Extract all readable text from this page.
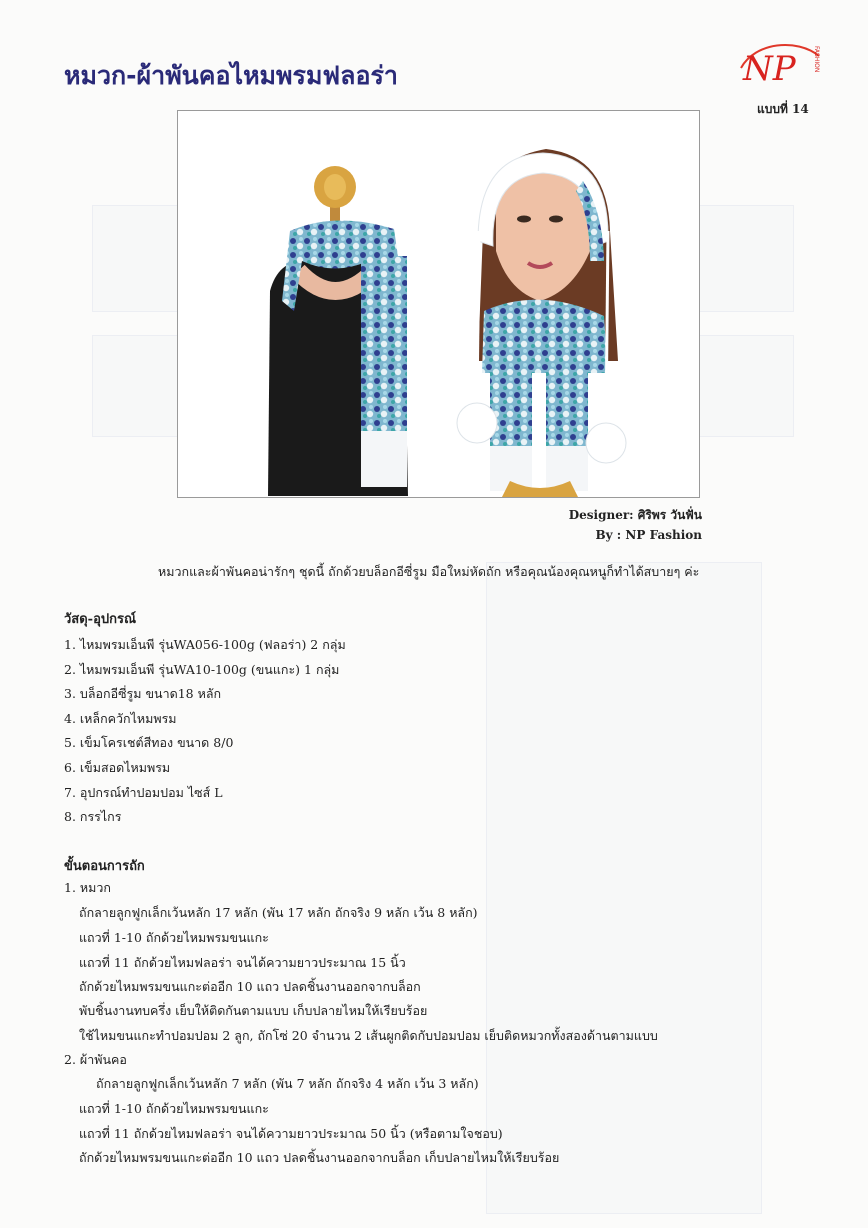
หมวก-ผ้าพันคอไหมพรมฟลอร่า	NP	FASHION
แบบที่ 14
Designer: ศิริพร วันฟั่น
By : NP Fashion
หมวกและผ้าพันคอน่ารักๆ ชุดนี้ ถักด้วยบล็อกอีซี่รูม มือใหม่หัดถัก หรือคุณน้องคุณหนูก็ทำได้สบายๆ ค่ะ
วัสดุ-อุปกรณ์
1. ไหมพรมเอ็นพี รุ่นWA056-100g (ฟลอร่า) 2 กลุ่ม
2. ไหมพรมเอ็นพี รุ่นWA10-100g (ขนแกะ) 1 กลุ่ม
3. บล็อกอีซี่รูม ขนาด18 หลัก
4. เหล็กควักไหมพรม
5. เข็มโครเชต์สีทอง ขนาด 8/0
6. เข็มสอดไหมพรม
7. อุปกรณ์ทำปอมปอม ไซส์ L
8. กรรไกร
ขั้นตอนการถัก
1. หมวก
ถักลายลูกฟูกเล็กเว้นหลัก 17 หลัก (พัน 17 หลัก ถักจริง 9 หลัก เว้น 8 หลัก)
แถวที่ 1-10 ถักด้วยไหมพรมขนแกะ
แถวที่ 11 ถักด้วยไหมฟลอร่า จนได้ความยาวประมาณ 15 นิ้ว
ถักด้วยไหมพรมขนแกะต่ออีก 10 แถว ปลดชิ้นงานออกจากบล็อก
พับชิ้นงานทบครึ่ง เย็บให้ติดกันตามแบบ เก็บปลายไหมให้เรียบร้อย
ใช้ไหมขนแกะทำปอมปอม 2 ลูก, ถักโซ่ 20 จำนวน 2 เส้นผูกติดกับปอมปอม เย็บติดหมวกทั้งสองด้านตามแบบ
2. ผ้าพันคอ
ถักลายลูกฟูกเล็กเว้นหลัก 7 หลัก (พัน 7 หลัก ถักจริง 4 หลัก เว้น 3 หลัก)
แถวที่ 1-10 ถักด้วยไหมพรมขนแกะ
แถวที่ 11 ถักด้วยไหมฟลอร่า จนได้ความยาวประมาณ 50 นิ้ว (หรือตามใจชอบ)
ถักด้วยไหมพรมขนแกะต่ออีก 10 แถว ปลดชิ้นงานออกจากบล็อก เก็บปลายไหมให้เรียบร้อย
